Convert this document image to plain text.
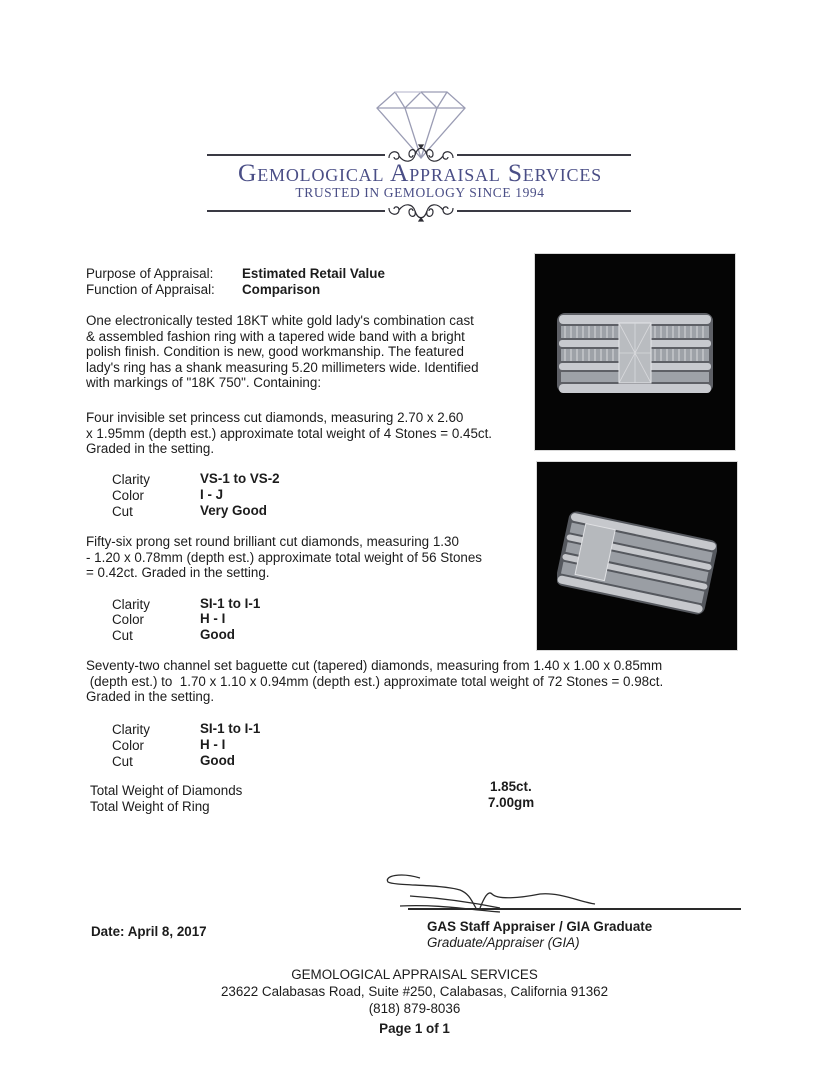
Gemological Appraisal Services
TRUSTED IN GEMOLOGY SINCE 1994
Purpose of Appraisal: Estimated Retail Value
Function of Appraisal: Comparison
One electronically tested 18KT white gold lady's combination cast
& assembled fashion ring with a tapered wide band with a bright
polish finish. Condition is new, good workmanship. The featured
lady's ring has a shank measuring 5.20 millimeters wide. Identified
with markings of "18K 750". Containing:
Four invisible set princess cut diamonds, measuring 2.70 x 2.60
x 1.95mm (depth est.) approximate total weight of 4 Stones = 0.45ct.
Graded in the setting.
Clarity	VS-1 to VS-2
Color	I - J
Cut	Very Good
Fifty-six prong set round brilliant cut diamonds, measuring 1.30
- 1.20 x 0.78mm (depth est.) approximate total weight of 56 Stones
= 0.42ct. Graded in the setting.
Clarity	SI-1 to I-1
Color	H - I
Cut	Good
Seventy-two channel set baguette cut (tapered) diamonds, measuring from 1.40 x 1.00 x 0.85mm
(depth est.) to  1.70 x 1.10 x 0.94mm (depth est.) approximate total weight of 72 Stones = 0.98ct.
Graded in the setting.
Clarity	SI-1 to I-1
Color	H - I
Cut	Good
Total Weight of Diamonds	1.85ct.
Total Weight of Ring	7.00gm
Date: April 8, 2017	GAS Staff Appraiser / GIA Graduate
Graduate/Appraiser (GIA)
GEMOLOGICAL APPRAISAL SERVICES
23622 Calabasas Road, Suite #250, Calabasas, California 91362
(818) 879-8036
Page 1 of 1
